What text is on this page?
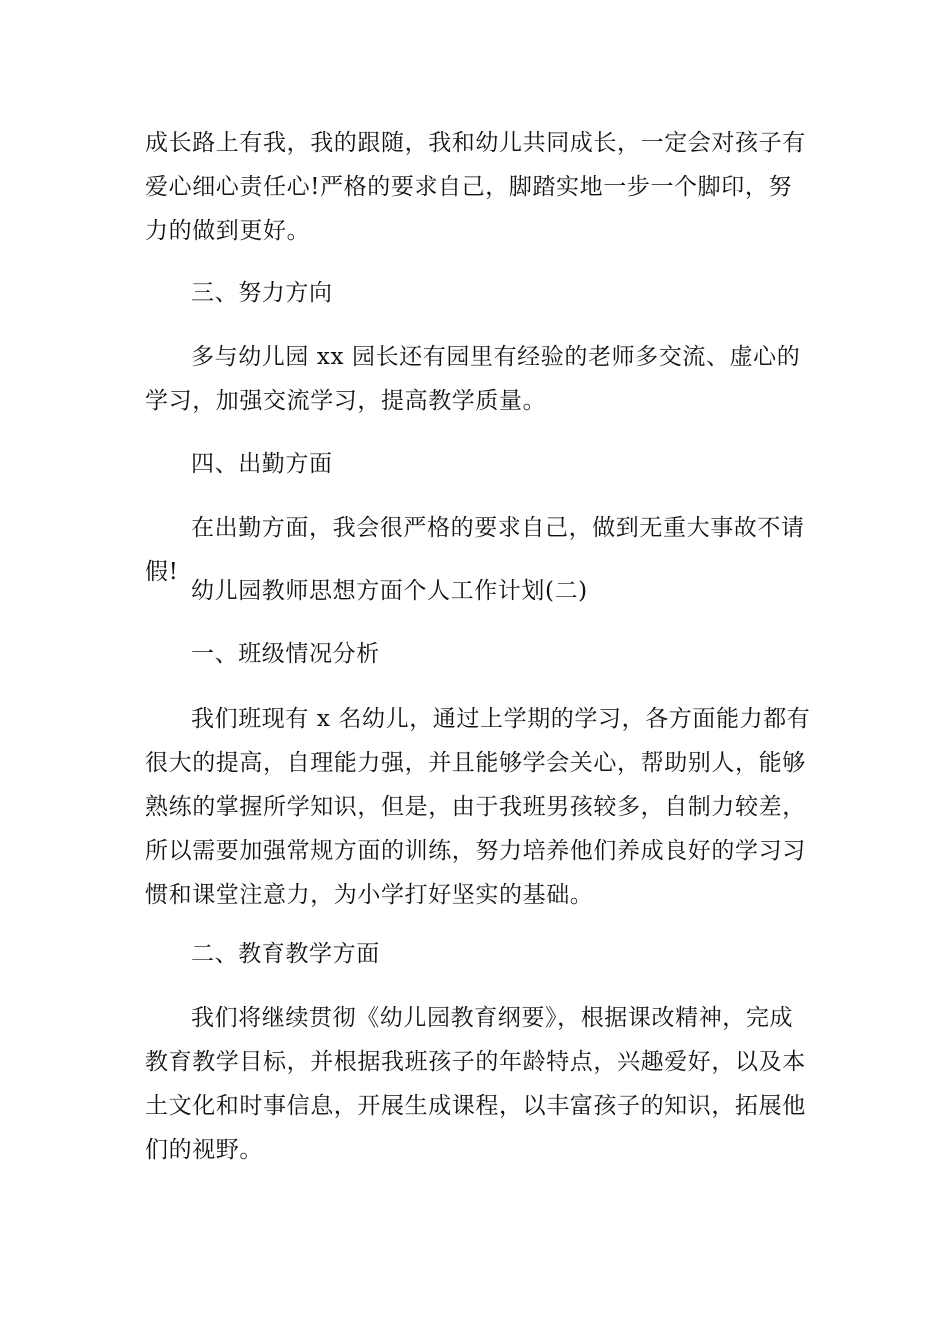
成长路上有我，我的跟随，我和幼儿共同成长，一定会对孩子有爱心细心责任心!严格的要求自己，脚踏实地一步一个脚印，努力的做到更好。

三、努力方向

多与幼儿园 xx 园长还有园里有经验的老师多交流、虚心的学习，加强交流学习，提高教学质量。

四、出勤方面

在出勤方面，我会很严格的要求自己，做到无重大事故不请假!

幼儿园教师思想方面个人工作计划(二)

一、班级情况分析

我们班现有 x 名幼儿，通过上学期的学习，各方面能力都有很大的提高，自理能力强，并且能够学会关心，帮助别人，能够熟练的掌握所学知识，但是，由于我班男孩较多，自制力较差，所以需要加强常规方面的训练，努力培养他们养成良好的学习习惯和课堂注意力，为小学打好坚实的基础。

二、教育教学方面

我们将继续贯彻《幼儿园教育纲要》，根据课改精神，完成教育教学目标，并根据我班孩子的年龄特点，兴趣爱好，以及本土文化和时事信息，开展生成课程，以丰富孩子的知识，拓展他们的视野。
